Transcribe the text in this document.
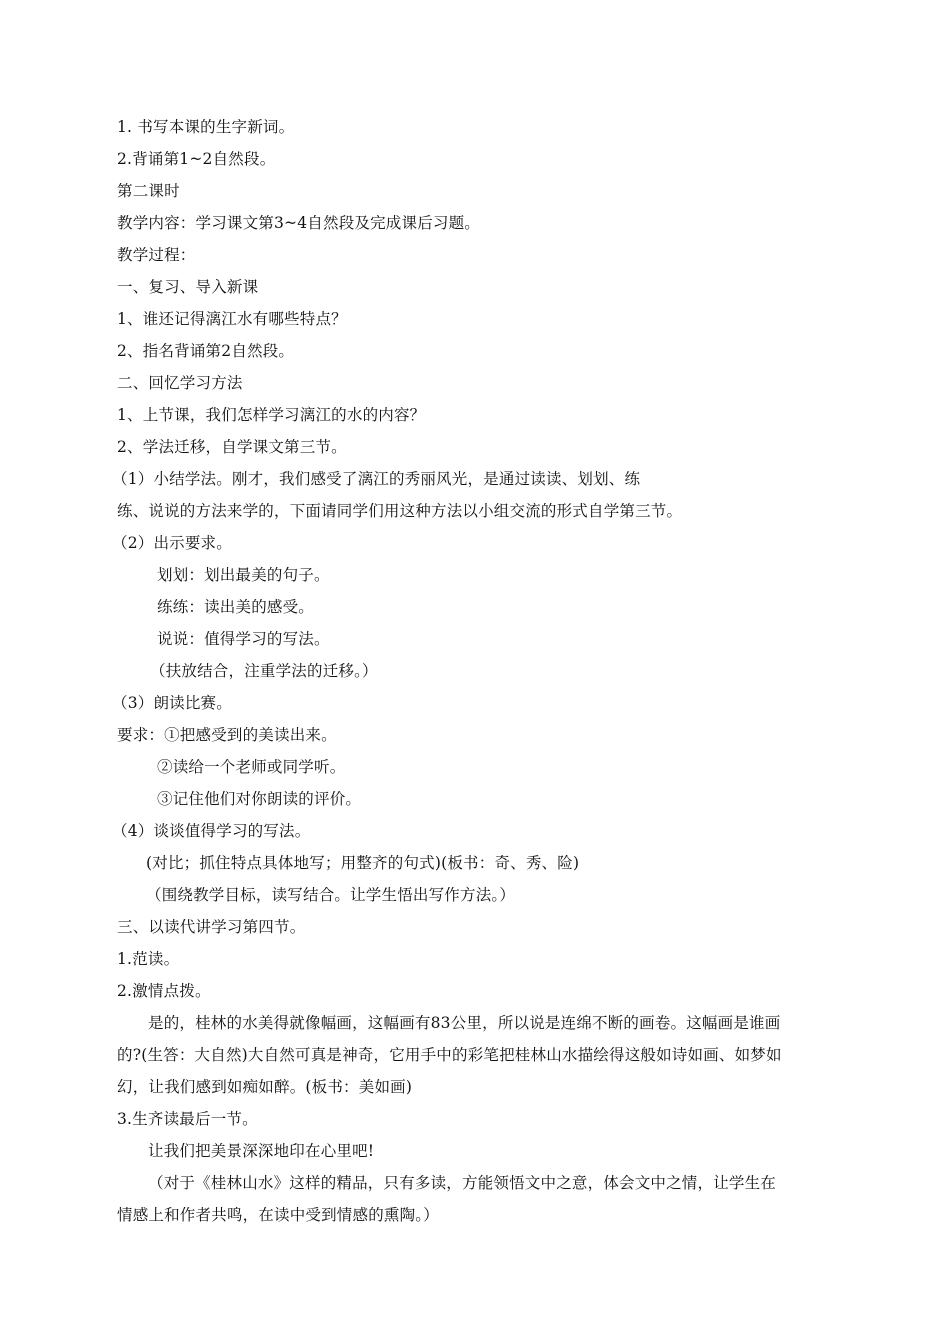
1. 书写本课的生字新词。
2.背诵第1~2自然段。
第二课时
教学内容：学习课文第3~4自然段及完成课后习题。
教学过程：
一、复习、导入新课
1、谁还记得漓江水有哪些特点？
2、指名背诵第2自然段。
二、回忆学习方法
1、上节课，我们怎样学习漓江的水的内容？
2、学法迁移，自学课文第三节。
（1）小结学法。刚才，我们感受了漓江的秀丽风光，是通过读读、划划、练
练、说说的方法来学的，下面请同学们用这种方法以小组交流的形式自学第三节。
（2）出示要求。
划划：划出最美的句子。
练练：读出美的感受。
说说：值得学习的写法。
（扶放结合，注重学法的迁移。）
（3）朗读比赛。
要求：①把感受到的美读出来。
②读给一个老师或同学听。
③记住他们对你朗读的评价。
（4）谈谈值得学习的写法。
(对比；抓住特点具体地写；用整齐的句式)(板书：奇、秀、险)
（围绕教学目标，读写结合。让学生悟出写作方法。）
三、以读代讲学习第四节。
1.范读。
2.激情点拨。
是的，桂林的水美得就像幅画，这幅画有83公里，所以说是连绵不断的画卷。这幅画是谁画
的?(生答：大自然)大自然可真是神奇，它用手中的彩笔把桂林山水描绘得这般如诗如画、如梦如
幻，让我们感到如痴如醉。(板书：美如画)
3.生齐读最后一节。
让我们把美景深深地印在心里吧!
（对于《桂林山水》这样的精品，只有多读，方能领悟文中之意，体会文中之情，让学生在
情感上和作者共鸣，在读中受到情感的熏陶。）
